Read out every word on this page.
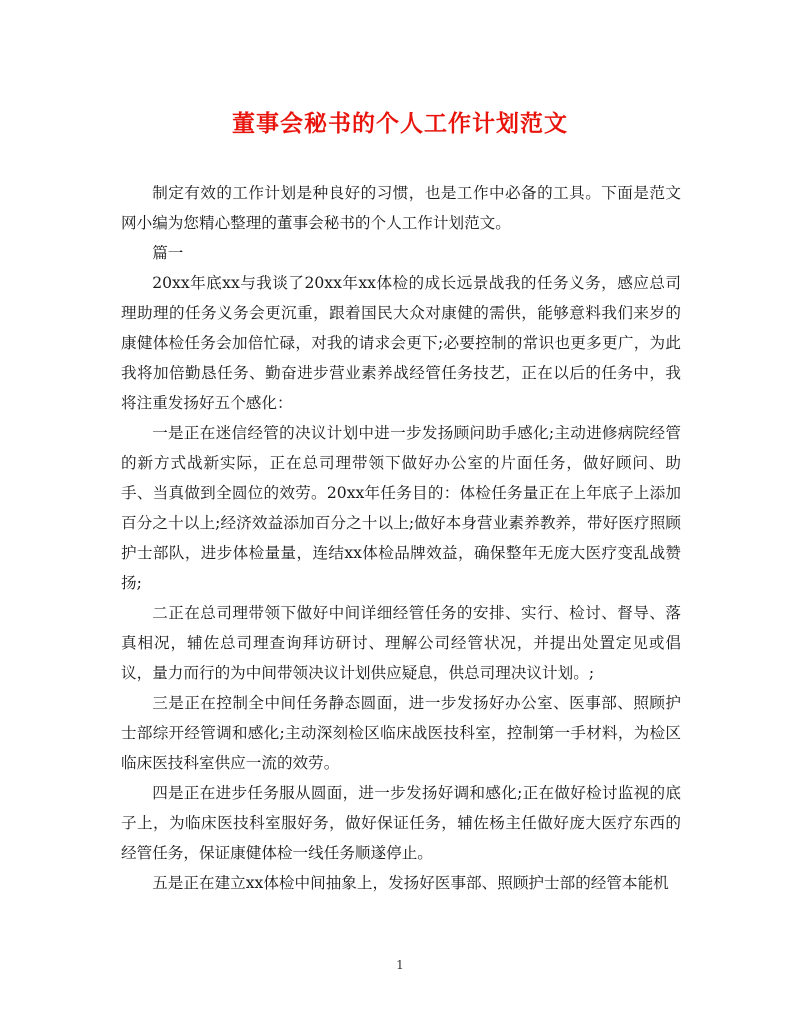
董事会秘书的个人工作计划范文

制定有效的工作计划是种良好的习惯，也是工作中必备的工具。下面是范文网小编为您精心整理的董事会秘书的个人工作计划范文。

篇一

20xx年底xx与我谈了20xx年xx体检的成长远景战我的任务义务，感应总司理助理的任务义务会更沉重，跟着国民大众对康健的需供，能够意料我们来岁的康健体检任务会加倍忙碌，对我的请求会更下;必要控制的常识也更多更广，为此我将加倍勤恳任务、勤奋进步营业素养战经管任务技艺，正在以后的任务中，我将注重发扬好五个感化：

一是正在迷信经管的决议计划中进一步发扬顾问助手感化;主动进修病院经管的新方式战新实际，正在总司理带领下做好办公室的片面任务，做好顾问、助手、当真做到全圆位的效劳。20xx年任务目的：体检任务量正在上年底子上添加百分之十以上;经济效益添加百分之十以上;做好本身营业素养教养，带好医疗照顾护士部队，进步体检量量，连结xx体检品牌效益，确保整年无庞大医疗变乱战赞扬;

二正在总司理带领下做好中间详细经管任务的安排、实行、检讨、督导、落真相况，辅佐总司理查询拜访研讨、理解公司经管状况，并提出处置定见或倡议，量力而行的为中间带领决议计划供应疑息，供总司理决议计划。;

三是正在控制全中间任务静态圆面，进一步发扬好办公室、医事部、照顾护士部综开经管调和感化;主动深刻检区临床战医技科室，控制第一手材料，为检区临床医技科室供应一流的效劳。

四是正在进步任务服从圆面，进一步发扬好调和感化;正在做好检讨监视的底子上，为临床医技科室服好务，做好保证任务，辅佐杨主任做好庞大医疗东西的经管任务，保证康健体检一线任务顺遂停止。

五是正在建立xx体检中间抽象上，发扬好医事部、照顾护士部的经管本能机

1
